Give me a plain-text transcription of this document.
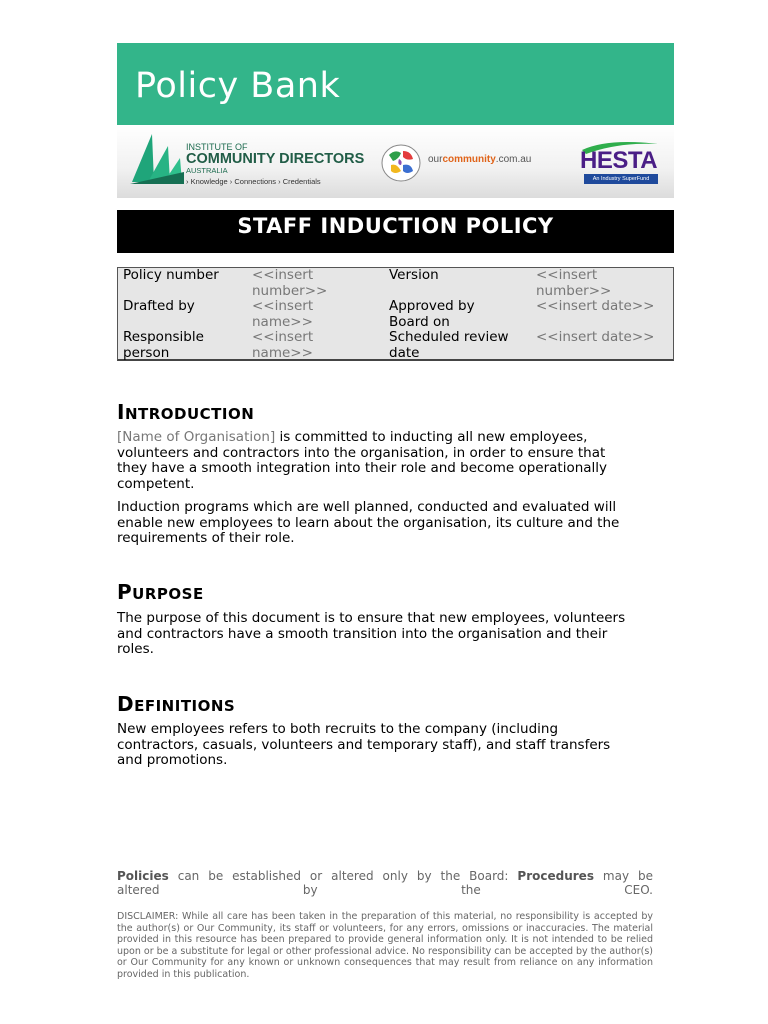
Policy Bank
INSTITUTE OF
COMMUNITY DIRECTORS
AUSTRALIA
› Knowledge › Connections › Credentials
ourcommunity.com.au HESTA
An Industry SuperFund
STAFF INDUCTION POLICY
Policy number <<insert
number>>
Version	<<insert
number>>
Drafted by	<<insert
name>>
Approved by
Board on
<<insert date>>
Responsible
person
<<insert
name>>
Scheduled review
date
<<insert date>>
INTRODUCTION
[Name of Organisation] is committed to inducting all new employees,
volunteers and contractors into the organisation, in order to ensure that
they have a smooth integration into their role and become operationally
competent.
Induction programs which are well planned, conducted and evaluated will
enable new employees to learn about the organisation, its culture and the
requirements of their role.
PURPOSE
The purpose of this document is to ensure that new employees, volunteers
and contractors have a smooth transition into the organisation and their
roles.
DEFINITIONS
New employees refers to both recruits to the company (including
contractors, casuals, volunteers and temporary staff), and staff transfers
and promotions.
Policies can be established or altered only by the Board: Procedures may be
altered by the CEO.
DISCLAIMER: While all care has been taken in the preparation of this material, no responsibility is accepted by the author(s) or Our Community, its staff or volunteers, for any errors, omissions or inaccuracies. The material provided in this resource has been prepared to provide general information only. It is not intended to be relied upon or be a substitute for legal or other professional advice. No responsibility can be accepted by the author(s) or Our Community for any known or unknown consequences that may result from reliance on any information provided in this publication.
